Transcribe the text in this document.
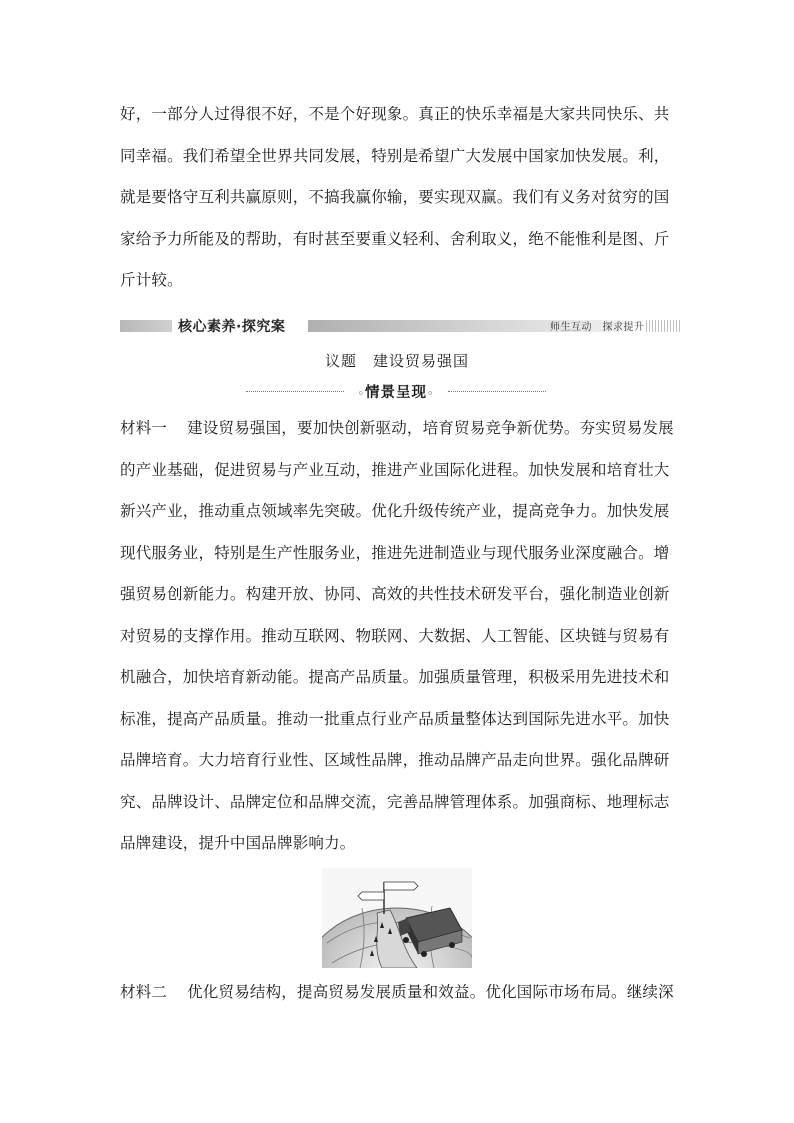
好，一部分人过得很不好，不是个好现象。真正的快乐幸福是大家共同快乐、共

同幸福。我们希望全世界共同发展，特别是希望广大发展中国家加快发展。利，

就是要恪守互利共赢原则，不搞我赢你输，要实现双赢。我们有义务对贫穷的国

家给予力所能及的帮助，有时甚至要重义轻利、舍利取义，绝不能惟利是图、斤

斤计较。

核心素养·探究案	师生互动　探求提升
议题 建设贸易强国
◦情景呈现◦

材料一 建设贸易强国，要加快创新驱动，培育贸易竞争新优势。夯实贸易发展

的产业基础，促进贸易与产业互动，推进产业国际化进程。加快发展和培育壮大

新兴产业，推动重点领域率先突破。优化升级传统产业，提高竞争力。加快发展

现代服务业，特别是生产性服务业，推进先进制造业与现代服务业深度融合。增

强贸易创新能力。构建开放、协同、高效的共性技术研发平台，强化制造业创新

对贸易的支撑作用。推动互联网、物联网、大数据、人工智能、区块链与贸易有

机融合，加快培育新动能。提高产品质量。加强质量管理，积极采用先进技术和

标准，提高产品质量。推动一批重点行业产品质量整体达到国际先进水平。加快

品牌培育。大力培育行业性、区域性品牌，推动品牌产品走向世界。强化品牌研

究、品牌设计、品牌定位和品牌交流，完善品牌管理体系。加强商标、地理标志

品牌建设，提升中国品牌影响力。

材料二 优化贸易结构，提高贸易发展质量和效益。优化国际市场布局。继续深
